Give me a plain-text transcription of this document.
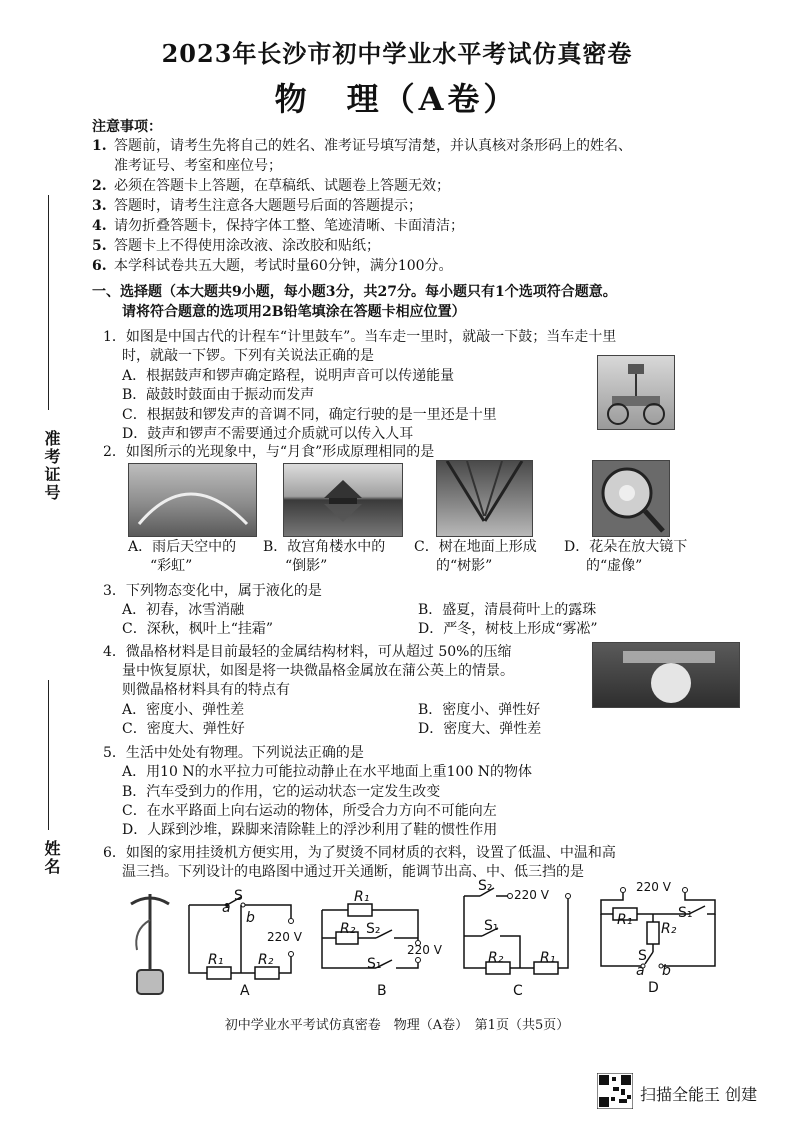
2023年长沙市初中学业水平考试仿真密卷
物　理（A卷）
准考证号
姓名
注意事项：
1. 答题前，请考生先将自己的姓名、准考证号填写清楚，并认真核对条形码上的姓名、
准考证号、考室和座位号；
2. 必须在答题卡上答题，在草稿纸、试题卷上答题无效；
3. 答题时，请考生注意各大题题号后面的答题提示；
4. 请勿折叠答题卡，保持字体工整、笔迹清晰、卡面清洁；
5. 答题卡上不得使用涂改液、涂改胶和贴纸；
6. 本学科试卷共五大题，考试时量60分钟，满分100分。
一、选择题（本大题共9小题，每小题3分，共27分。每小题只有1个选项符合题意。
请将符合题意的选项用2B铅笔填涂在答题卡相应位置）
1．如图是中国古代的计程车“计里鼓车”。当车走一里时，就敲一下鼓；当车走十里
时，就敲一下锣。下列有关说法正确的是
A．根据鼓声和锣声确定路程，说明声音可以传递能量
B．敲鼓时鼓面由于振动而发声
C．根据鼓和锣发声的音调不同，确定行驶的是一里还是十里
D．鼓声和锣声不需要通过介质就可以传入人耳
2．如图所示的光现象中，与“月食”形成原理相同的是
A．雨后天空中的
“彩虹”
B．故宫角楼水中的
“倒影”
C．树在地面上形成
的“树影”
D．花朵在放大镜下
的“虚像”
3．下列物态变化中，属于液化的是
A．初春，冰雪消融	B．盛夏，清晨荷叶上的露珠
C．深秋，枫叶上“挂霜”	D．严冬，树枝上形成“雾凇”
4．微晶格材料是目前最轻的金属结构材料，可从超过 50%的压缩
量中恢复原状，如图是将一块微晶格金属放在蒲公英上的情景。
则微晶格材料具有的特点有
A．密度小、弹性差	B．密度小、弹性好
C．密度大、弹性好	D．密度大、弹性差
5．生活中处处有物理。下列说法正确的是
A．用10 N的水平拉力可能拉动静止在水平地面上重100 N的物体
B．汽车受到力的作用，它的运动状态一定发生改变
C．在水平路面上向右运动的物体，所受合力方向不可能向左
D．人踩到沙堆，跺脚来清除鞋上的浮沙利用了鞋的惯性作用
6．如图的家用挂烫机方便实用，为了熨烫不同材质的衣料，设置了低温、中温和高
温三挡。下列设计的电路图中通过开关通断，能调节出高、中、低三挡的是
S
a
b
220 V
R₁ R₂
A
R₁
R₂ S₂
220 V
S₁
B
S₂
220 V
S₁
R₂	R₁
C
220 V
R₁	S₁
R₂
S
a b
D
初中学业水平考试仿真密卷　物理（A卷）　第1页（共5页）
扫描全能王 创建
